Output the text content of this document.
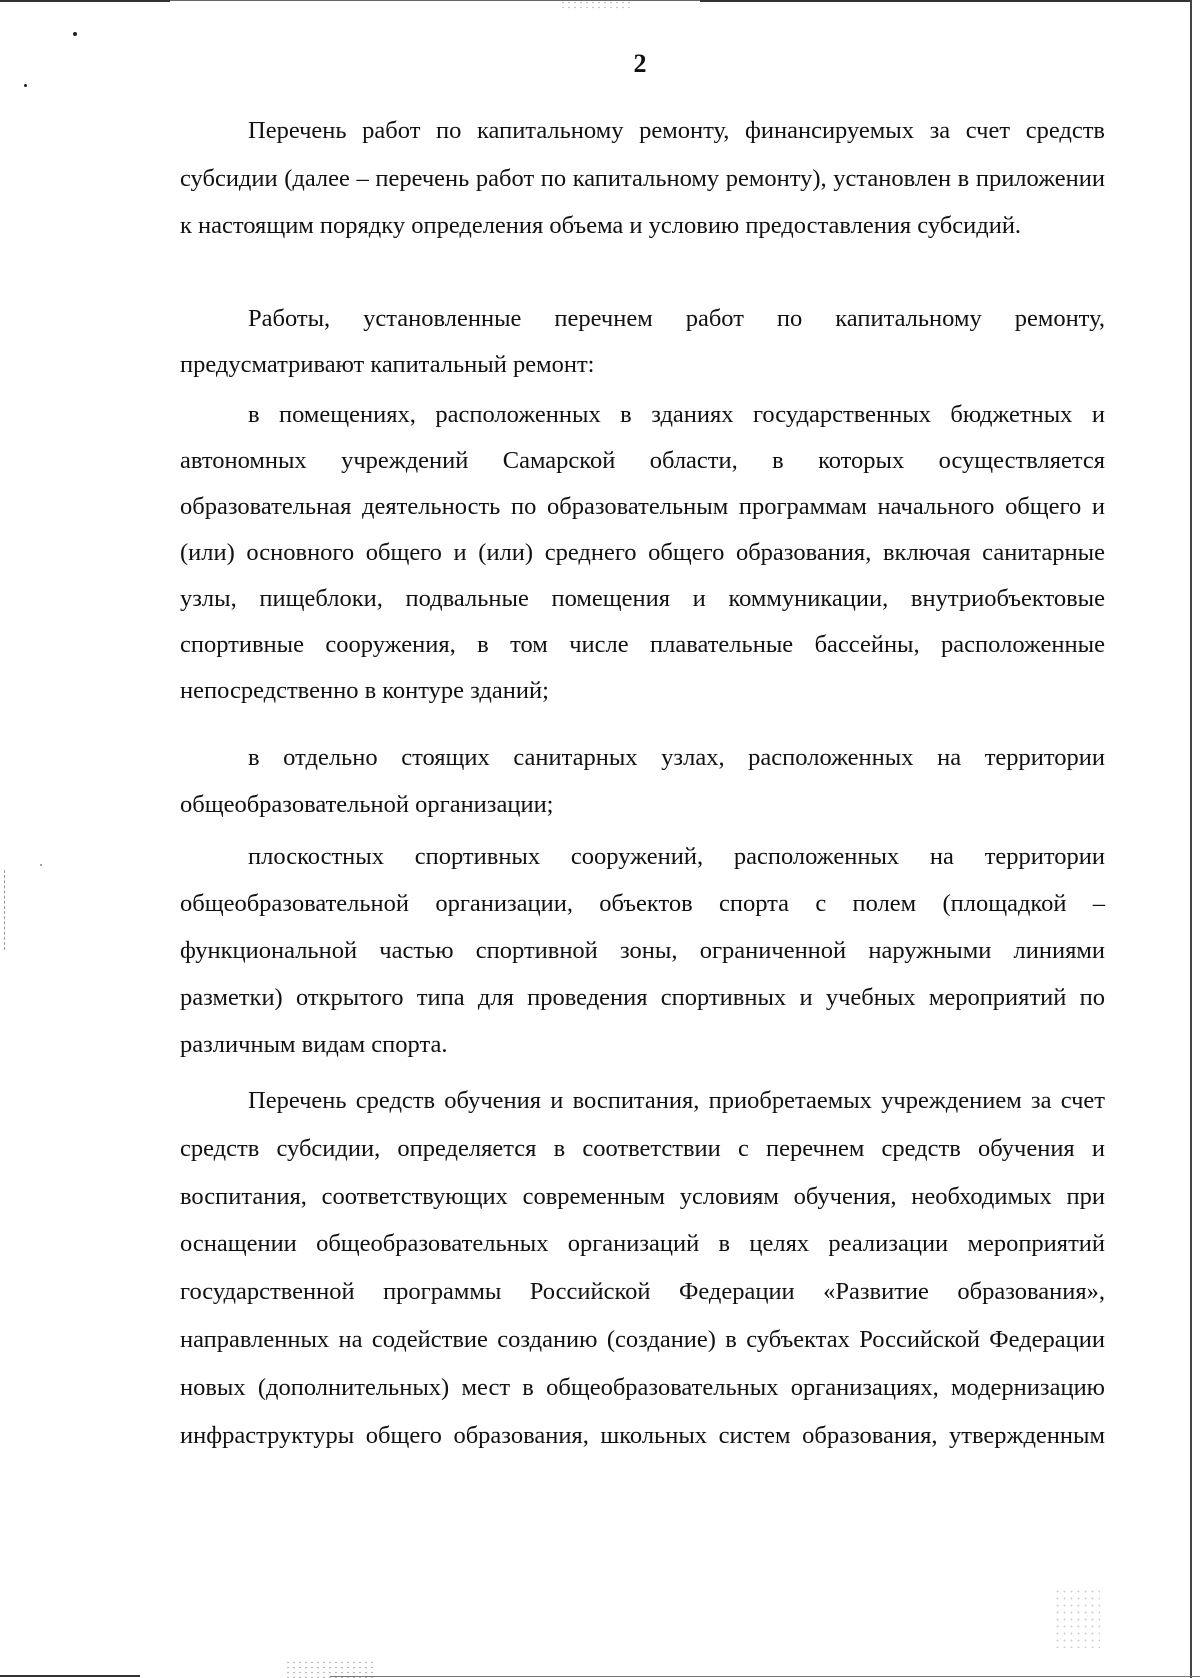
2

Перечень работ по капитальному ремонту, финансируемых за счет средств субсидии (далее – перечень работ по капитальному ремонту), установлен в приложении к настоящим порядку определения объема и условию предоставления субсидий.

Работы, установленные перечнем работ по капитальному ремонту, предусматривают капитальный ремонт:

в помещениях, расположенных в зданиях государственных бюджетных и автономных учреждений Самарской области, в которых осуществляется образовательная деятельность по образовательным программам начального общего и (или) основного общего и (или) среднего общего образования, включая санитарные узлы, пищеблоки, подвальные помещения и коммуникации, внутриобъектовые спортивные сооружения, в том числе плавательные бассейны, расположенные непосредственно в контуре зданий;

в отдельно стоящих санитарных узлах, расположенных на территории общеобразовательной организации;

плоскостных спортивных сооружений, расположенных на территории общеобразовательной организации, объектов спорта с полем (площадкой – функциональной частью спортивной зоны, ограниченной наружными линиями разметки) открытого типа для проведения спортивных и учебных мероприятий по различным видам спорта.

Перечень средств обучения и воспитания, приобретаемых учреждением за счет средств субсидии, определяется в соответствии с перечнем средств обучения и воспитания, соответствующих современным условиям обучения, необходимых при оснащении общеобразовательных организаций в целях реализации мероприятий государственной программы Российской Федерации «Развитие образования», направленных на содействие созданию (создание) в субъектах Российской Федерации новых (дополнительных) мест в общеобразовательных организациях, модернизацию инфраструктуры общего образования, школьных систем образования, утвержденным
